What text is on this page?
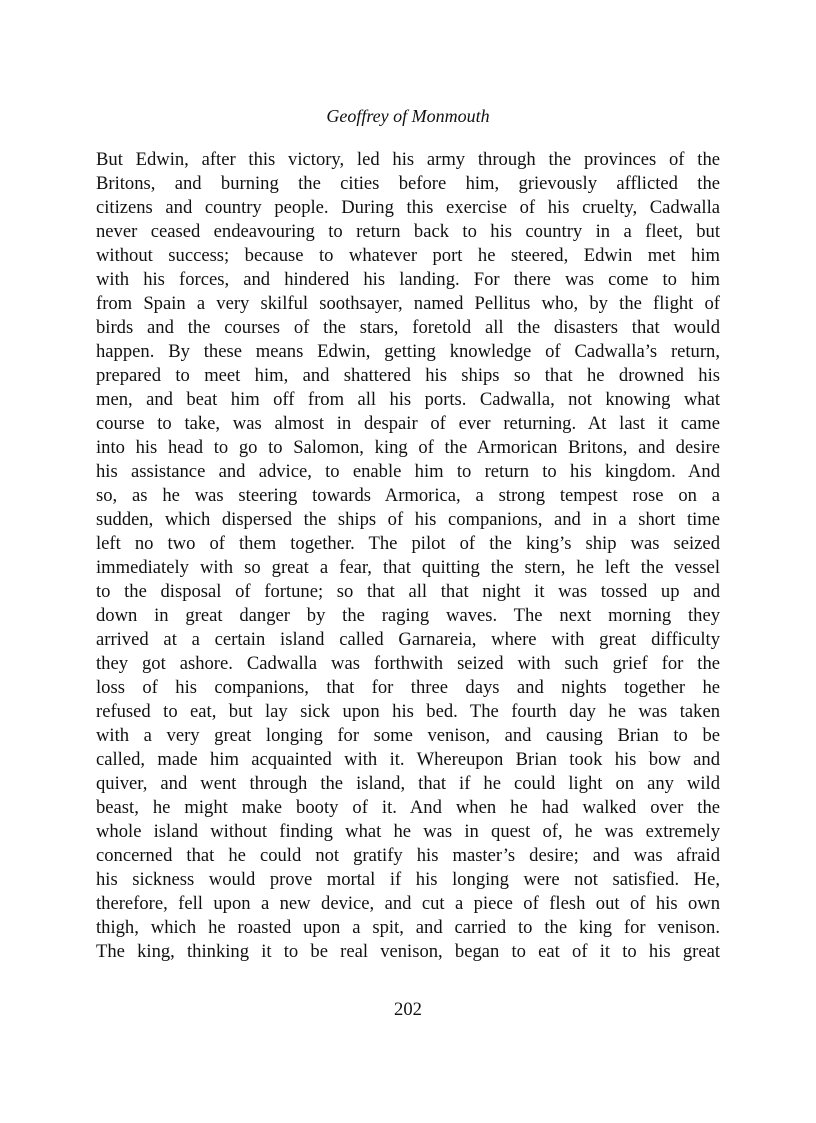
Geoffrey of Monmouth

But Edwin, after this victory, led his army through the provinces of the
Britons, and burning the cities before him, grievously afflicted the
citizens and country people. During this exercise of his cruelty, Cadwalla
never ceased endeavouring to return back to his country in a fleet, but
without success; because to whatever port he steered, Edwin met him
with his forces, and hindered his landing. For there was come to him
from Spain a very skilful soothsayer, named Pellitus who, by the flight of
birds and the courses of the stars, foretold all the disasters that would
happen. By these means Edwin, getting knowledge of Cadwalla’s return,
prepared to meet him, and shattered his ships so that he drowned his
men, and beat him off from all his ports. Cadwalla, not knowing what
course to take, was almost in despair of ever returning. At last it came
into his head to go to Salomon, king of the Armorican Britons, and desire
his assistance and advice, to enable him to return to his kingdom. And
so, as he was steering towards Armorica, a strong tempest rose on a
sudden, which dispersed the ships of his companions, and in a short time
left no two of them together. The pilot of the king’s ship was seized
immediately with so great a fear, that quitting the stern, he left the vessel
to the disposal of fortune; so that all that night it was tossed up and
down in great danger by the raging waves. The next morning they
arrived at a certain island called Garnareia, where with great difficulty
they got ashore. Cadwalla was forthwith seized with such grief for the
loss of his companions, that for three days and nights together he
refused to eat, but lay sick upon his bed. The fourth day he was taken
with a very great longing for some venison, and causing Brian to be
called, made him acquainted with it. Whereupon Brian took his bow and
quiver, and went through the island, that if he could light on any wild
beast, he might make booty of it. And when he had walked over the
whole island without finding what he was in quest of, he was extremely
concerned that he could not gratify his master’s desire; and was afraid
his sickness would prove mortal if his longing were not satisfied. He,
therefore, fell upon a new device, and cut a piece of flesh out of his own
thigh, which he roasted upon a spit, and carried to the king for venison.
The king, thinking it to be real venison, began to eat of it to his great

202
